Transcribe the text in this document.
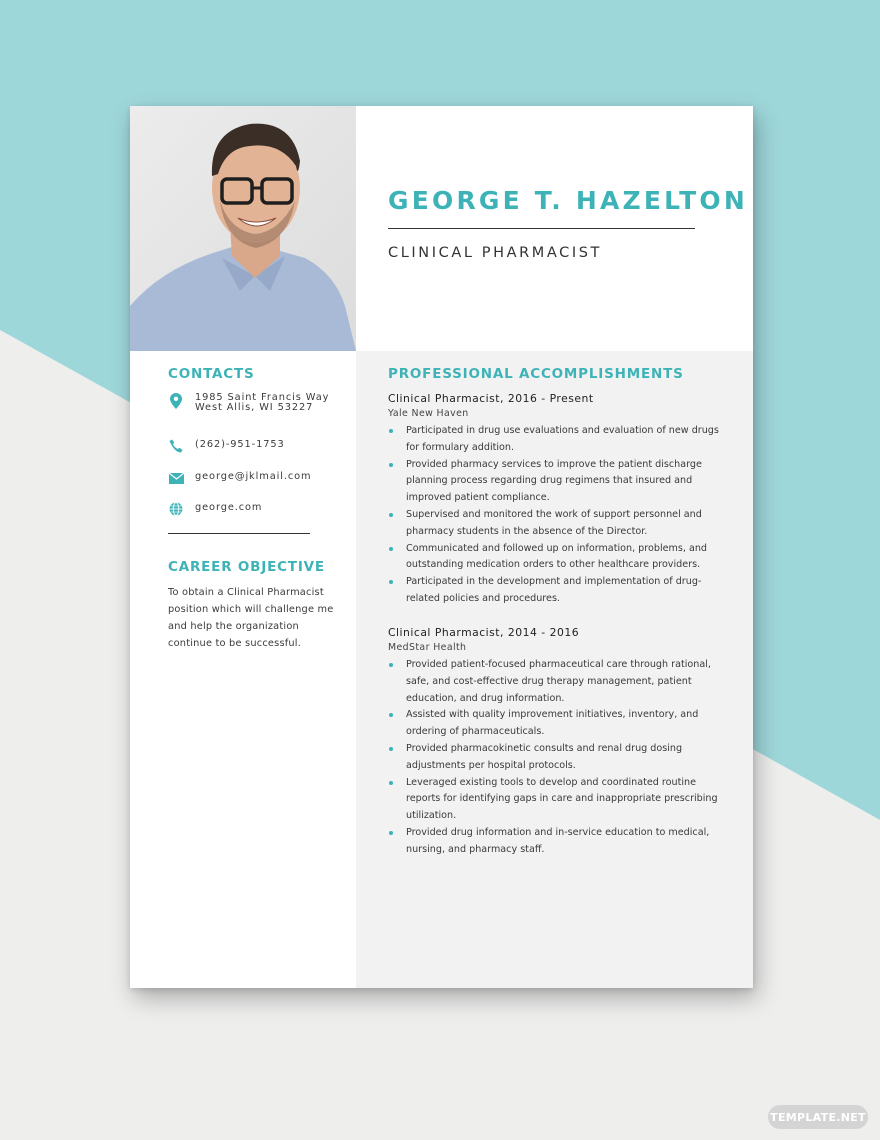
GEORGE T. HAZELTON
CLINICAL PHARMACIST
CONTACTS
1985 Saint Francis Way
West Allis, WI 53227
(262)-951-1753
george@jklmail.com
george.com
CAREER OBJECTIVE
To obtain a Clinical Pharmacist position which will challenge me and help the organization continue to be successful.
PROFESSIONAL ACCOMPLISHMENTS
Clinical Pharmacist, 2016 - Present
Yale New Haven
Participated in drug use evaluations and evaluation of new drugs for formulary addition.
Provided pharmacy services to improve the patient discharge planning process regarding drug regimens that insured and improved patient compliance.
Supervised and monitored the work of support personnel and pharmacy students in the absence of the Director.
Communicated and followed up on information, problems, and outstanding medication orders to other healthcare providers.
Participated in the development and implementation of drug-related policies and procedures.
Clinical Pharmacist, 2014 - 2016
MedStar Health
Provided patient-focused pharmaceutical care through rational, safe, and cost-effective drug therapy management, patient education, and drug information.
Assisted with quality improvement initiatives, inventory, and ordering of pharmaceuticals.
Provided pharmacokinetic consults and renal drug dosing adjustments per hospital protocols.
Leveraged existing tools to develop and coordinated routine reports for identifying gaps in care and inappropriate prescribing utilization.
Provided drug information and in-service education to medical, nursing, and pharmacy staff.
TEMPLATE.NET
